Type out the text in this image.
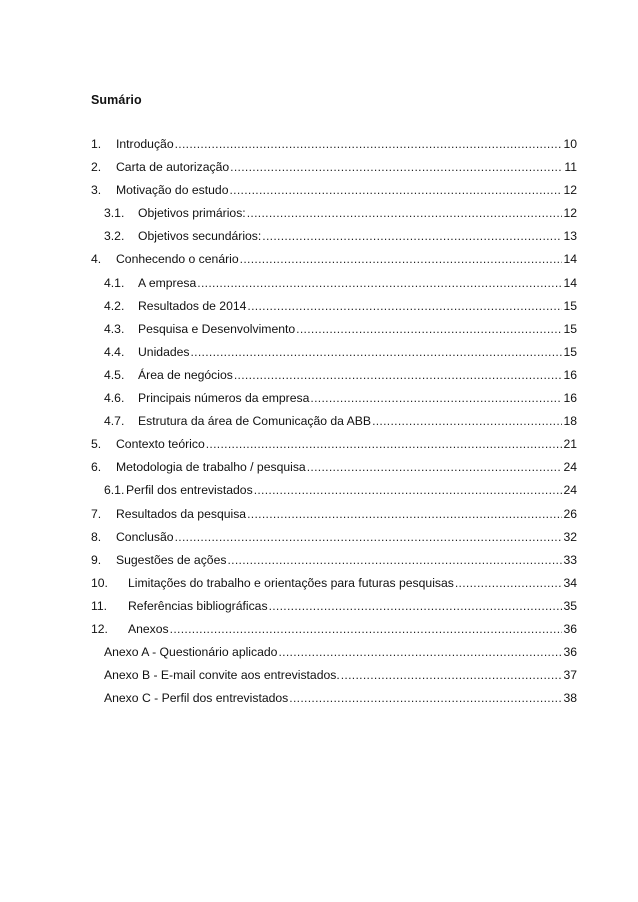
Sumário
1.	Introdução .....	10
2.	Carta de autorização .....	11
3.	Motivação do estudo .....	12
3.1.	Objetivos primários: .....	12
3.2.	Objetivos secundários: .....	13
4.	Conhecendo o cenário .....	14
4.1.	A empresa .....	14
4.2.	Resultados de 2014 .....	15
4.3.	Pesquisa e Desenvolvimento .....	15
4.4.	Unidades .....	15
4.5.	Área de negócios .....	16
4.6.	Principais números da empresa .....	16
4.7.	Estrutura da área de Comunicação da ABB .....	18
5.	Contexto teórico .....	21
6.	Metodologia de trabalho / pesquisa .....	24
6.1. Perfil dos entrevistados .....	24
7.	Resultados da pesquisa .....	26
8.	Conclusão .....	32
9.	Sugestões de ações .....	33
10.	Limitações do trabalho e orientações para futuras pesquisas .....	34
11.	Referências bibliográficas .....	35
12.	Anexos .....	36
Anexo A - Questionário aplicado .....	36
Anexo B - E-mail convite aos entrevistados. .....	37
Anexo C - Perfil dos entrevistados .....	38
